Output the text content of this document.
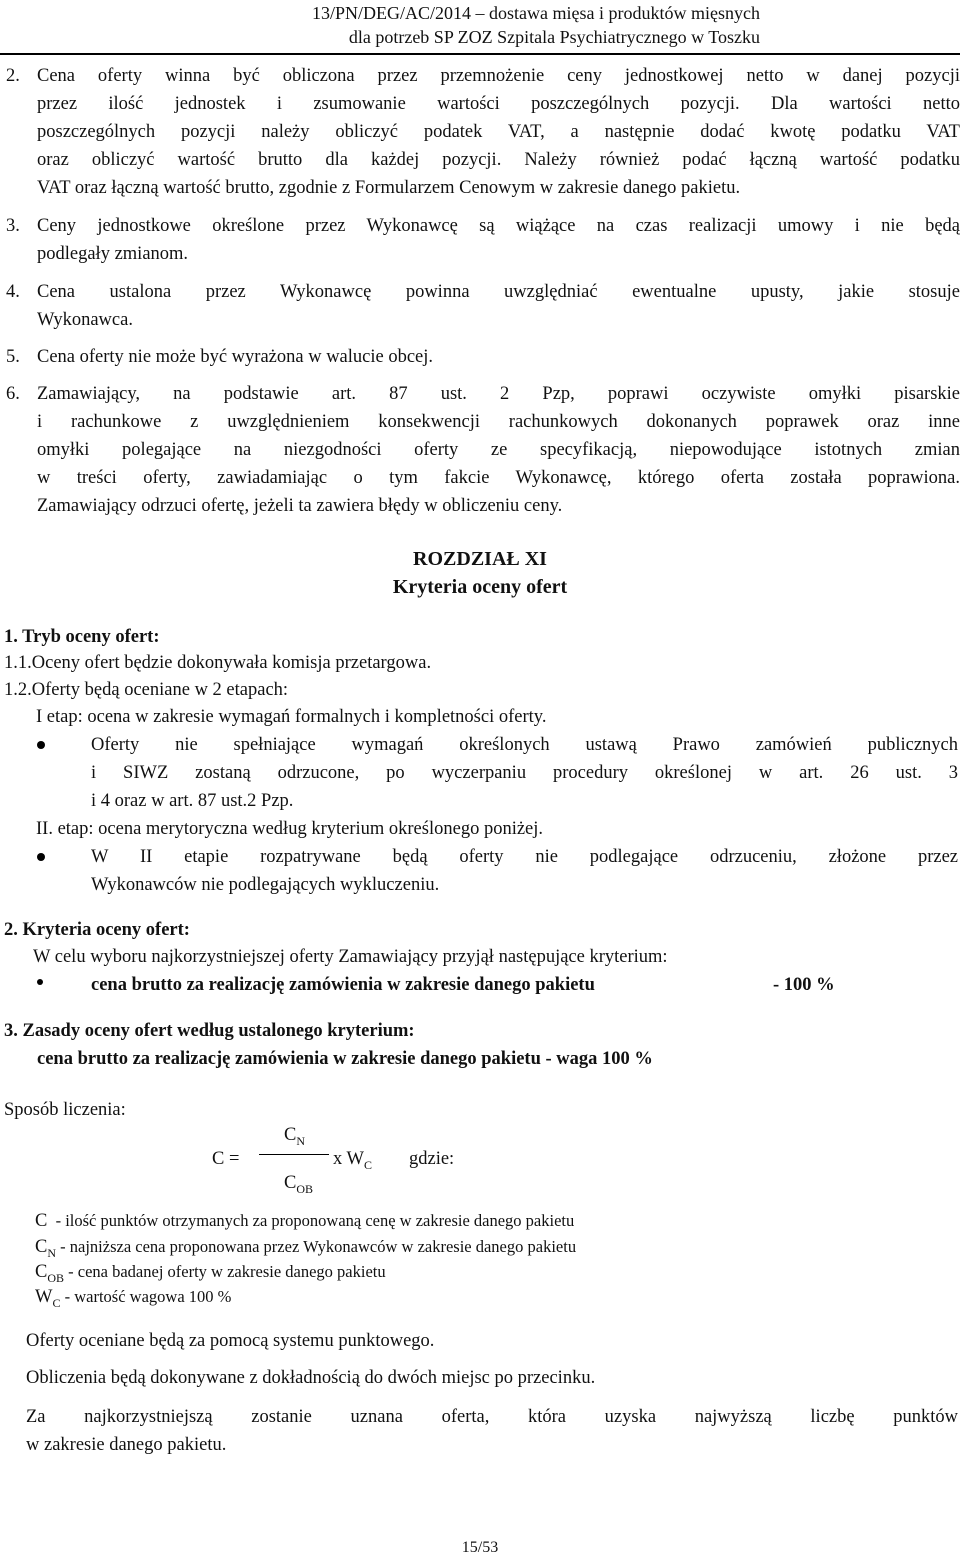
13/PN/DEG/AC/2014 – dostawa mięsa i produktów mięsnych
dla potrzeb SP ZOZ Szpitala Psychiatrycznego w Toszku
2. Cena oferty winna być obliczona przez przemnożenie ceny jednostkowej netto w danej pozycji
przez ilość jednostek i zsumowanie wartości poszczególnych pozycji. Dla wartości netto
poszczególnych pozycji należy obliczyć podatek VAT, a następnie dodać kwotę podatku VAT
oraz obliczyć wartość brutto dla każdej pozycji. Należy również podać łączną wartość podatku
VAT oraz łączną wartość brutto, zgodnie z Formularzem Cenowym w zakresie danego pakietu.
3. Ceny jednostkowe określone przez Wykonawcę są wiążące na czas realizacji umowy i nie będą
podlegały zmianom.
4. Cena ustalona przez Wykonawcę powinna uwzględniać ewentualne upusty, jakie stosuje
Wykonawca.
5. Cena oferty nie może być wyrażona w walucie obcej.
6. Zamawiający, na podstawie art. 87 ust. 2 Pzp, poprawi oczywiste omyłki pisarskie
i rachunkowe z uwzględnieniem konsekwencji rachunkowych dokonanych poprawek oraz inne
omyłki polegające na niezgodności oferty ze specyfikacją, niepowodujące istotnych zmian
w treści oferty, zawiadamiając o tym fakcie Wykonawcę, którego oferta została poprawiona.
Zamawiający odrzuci ofertę, jeżeli ta zawiera błędy w obliczeniu ceny.
ROZDZIAŁ XI
Kryteria oceny ofert
1. Tryb oceny ofert:
1.1.Oceny ofert będzie dokonywała komisja przetargowa.
1.2.Oferty będą oceniane w 2 etapach:
I etap: ocena w zakresie wymagań formalnych i kompletności oferty.
Oferty nie spełniające wymagań określonych ustawą Prawo zamówień publicznych
i SIWZ zostaną odrzucone, po wyczerpaniu procedury określonej w art. 26 ust. 3
i 4 oraz w art. 87 ust.2 Pzp.
II. etap: ocena merytoryczna według kryterium określonego poniżej.
W II etapie rozpatrywane będą oferty nie podlegające odrzuceniu, złożone przez
Wykonawców nie podlegających wykluczeniu.
2. Kryteria oceny ofert:
W celu wyboru najkorzystniejszej oferty Zamawiający przyjął następujące kryterium:
cena brutto za realizację zamówienia w zakresie danego pakietu	- 100 %
3. Zasady oceny ofert według ustalonego kryterium:
cena brutto za realizację zamówienia w zakresie danego pakietu - waga 100 %
Sposób liczenia:
$C_N$
C =	x $W_C$ gdzie:
$C_{OB}$
C  - ilość punktów otrzymanych za proponowaną cenę w zakresie danego pakietu
$C_N$ - najniższa cena proponowana przez Wykonawców w zakresie danego pakietu
$C_{OB}$ - cena badanej oferty w zakresie danego pakietu
$W_C$ - wartość wagowa 100 %
Oferty oceniane będą za pomocą systemu punktowego.
Obliczenia będą dokonywane z dokładnością do dwóch miejsc po przecinku.
Za najkorzystniejszą zostanie uznana oferta, która uzyska najwyższą liczbę punktów
w zakresie danego pakietu.
15/53
